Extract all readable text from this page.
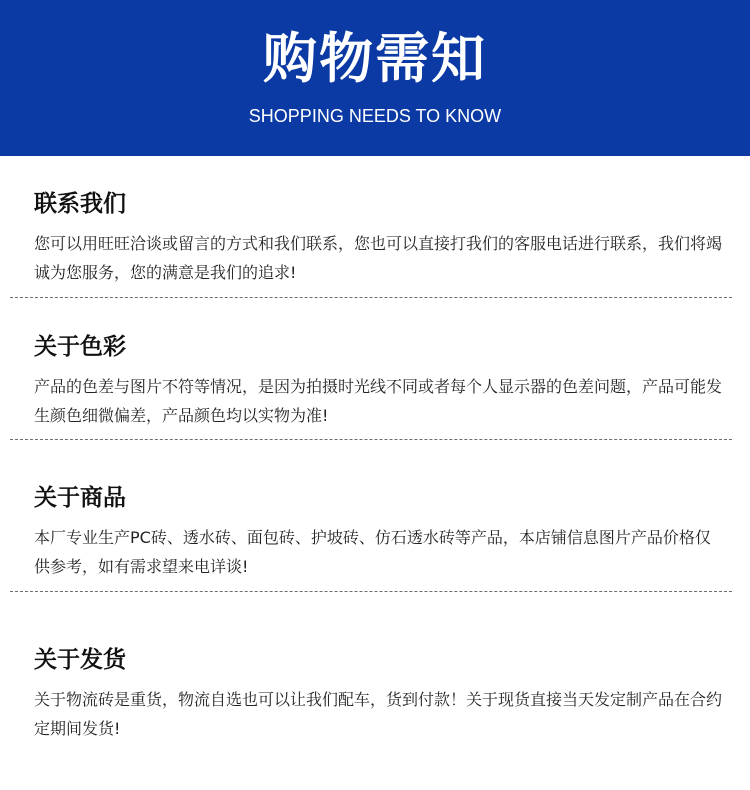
购物需知
SHOPPING NEEDS TO KNOW
联系我们
您可以用旺旺洽谈或留言的方式和我们联系，您也可以直接打我们的客服电话进行联系，我们将竭诚为您服务，您的满意是我们的追求!
关于色彩
产品的色差与图片不符等情况，是因为拍摄时光线不同或者每个人显示器的色差问题，产品可能发生颜色细微偏差，产品颜色均以实物为准!
关于商品
本厂专业生产PC砖、透水砖、面包砖、护坡砖、仿石透水砖等产品，本店铺信息图片产品价格仅供参考，如有需求望来电详谈!
关于发货
关于物流砖是重货，物流自选也可以让我们配车，货到付款！关于现货直接当天发定制产品在合约定期间发货!
